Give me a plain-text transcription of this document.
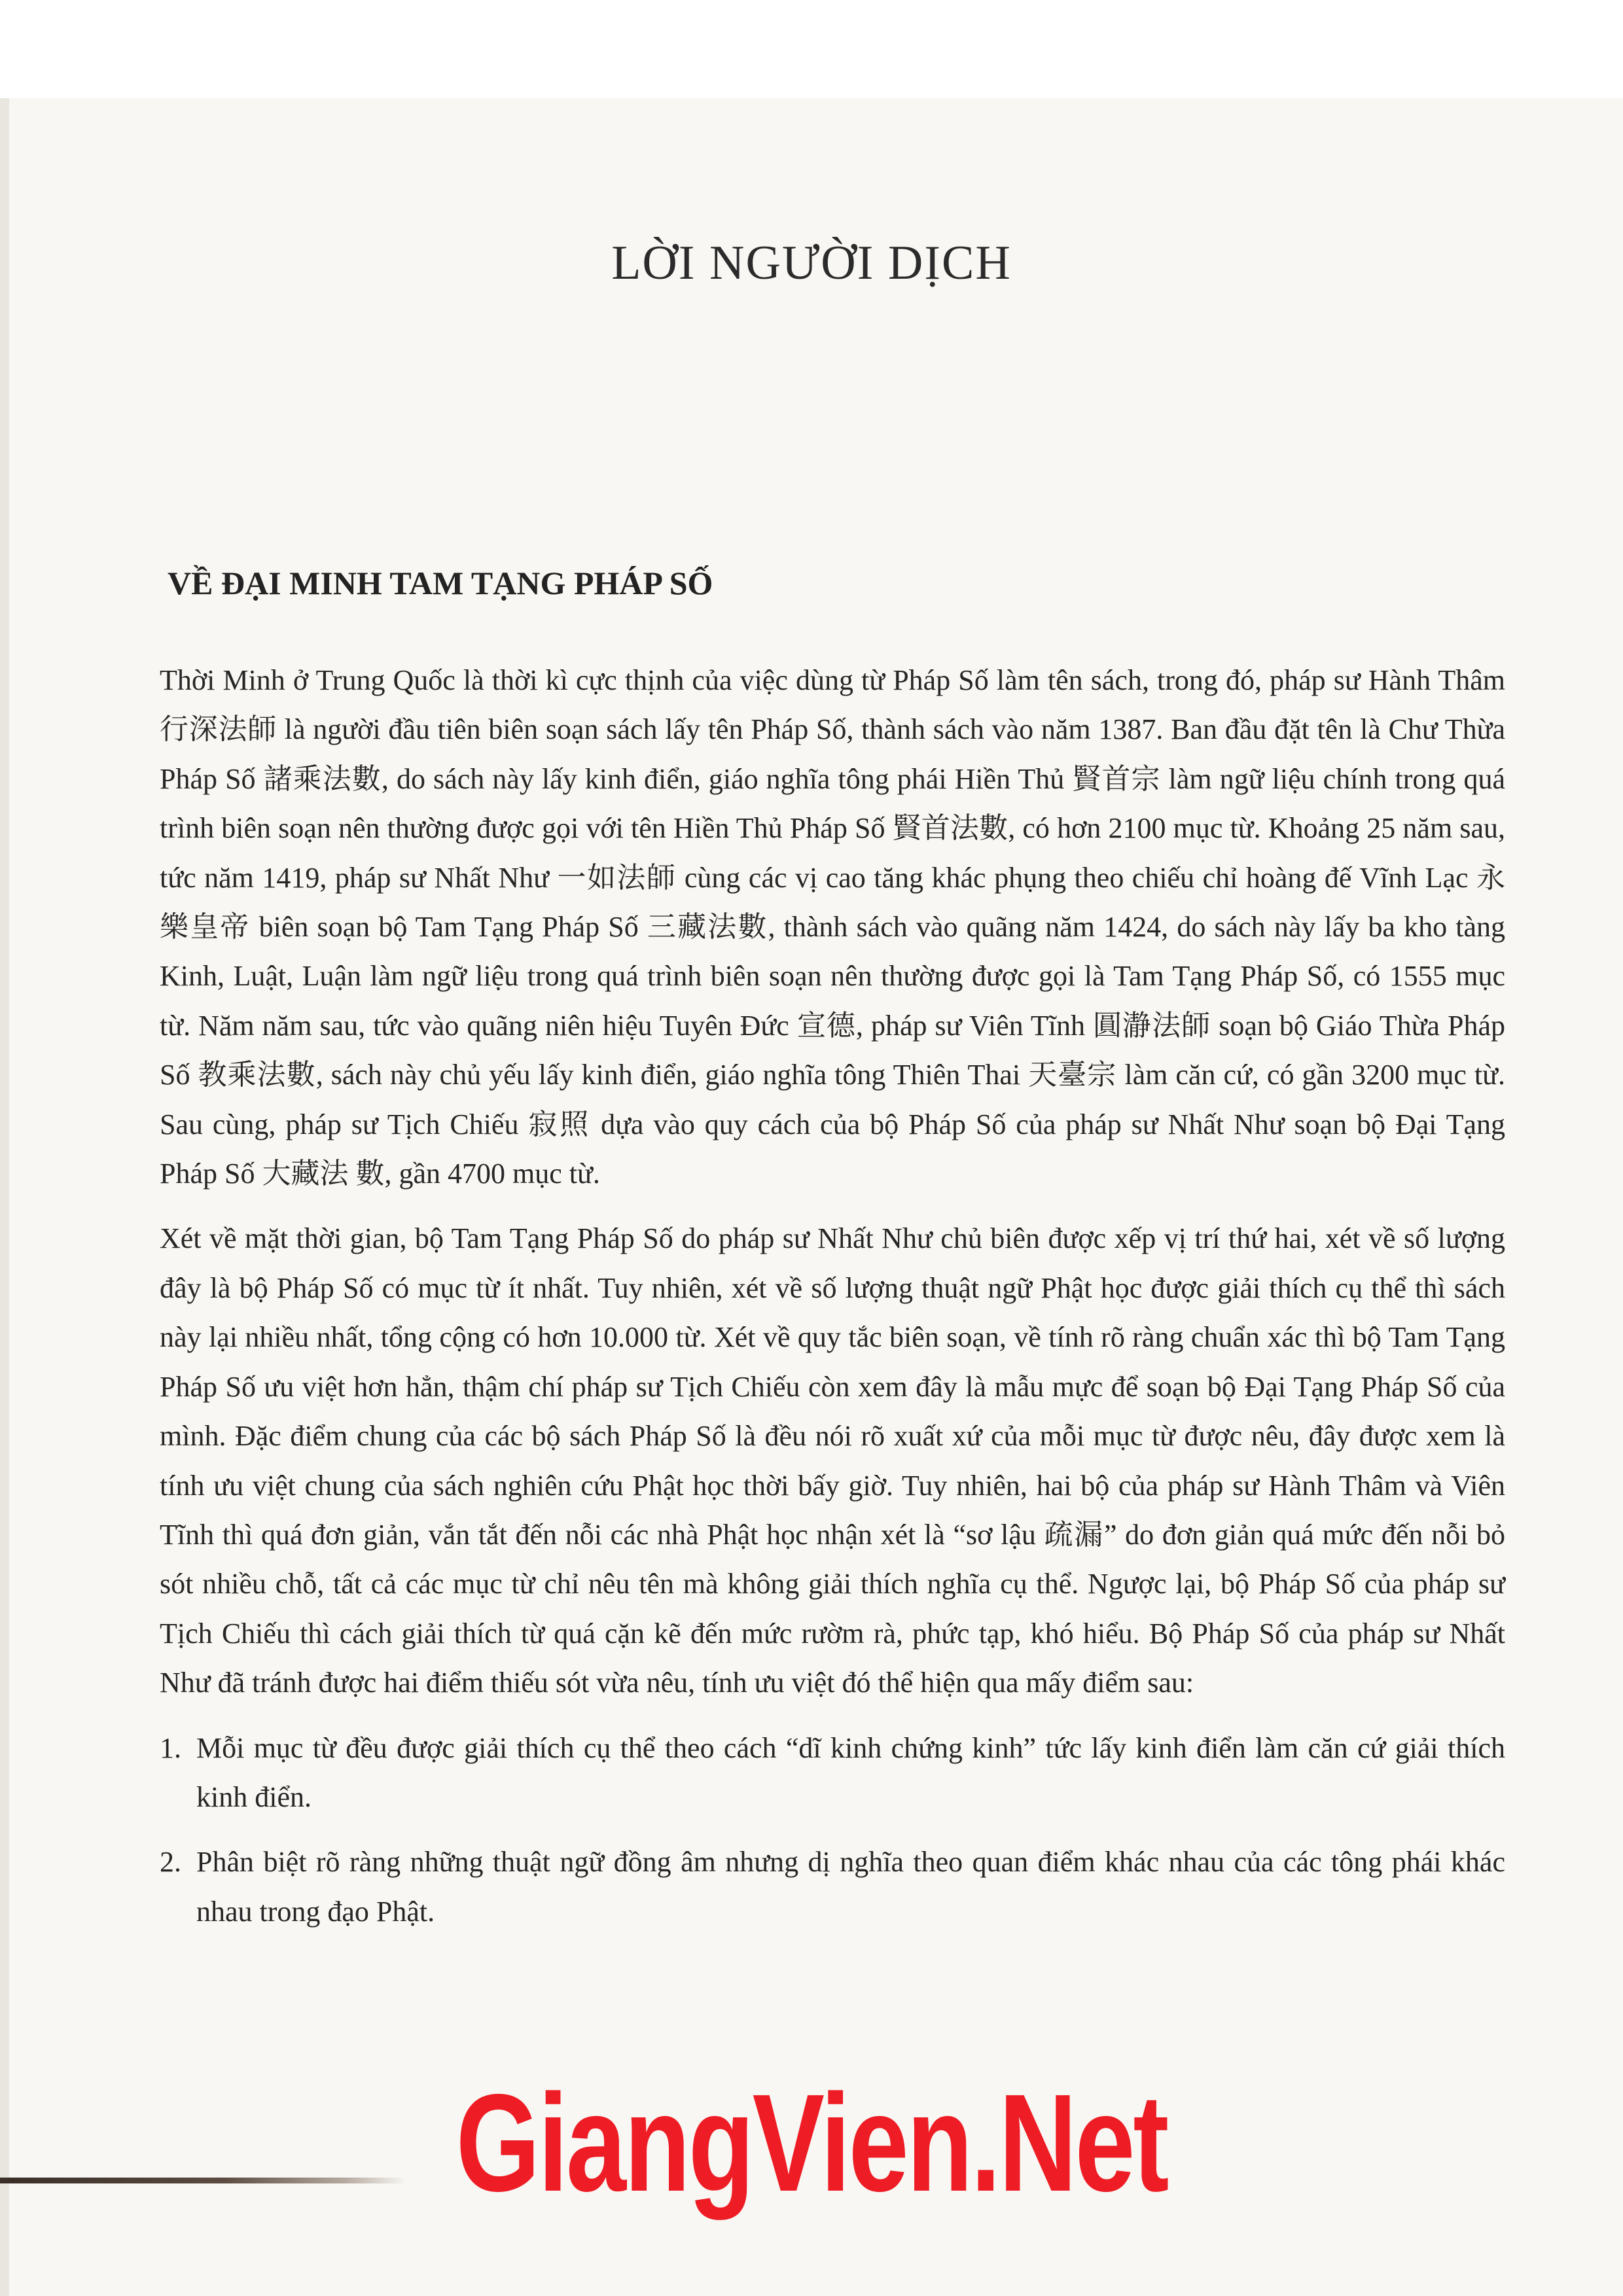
LỜI NGƯỜI DỊCH
VỀ ĐẠI MINH TAM TẠNG PHÁP SỐ

Thời Minh ở Trung Quốc là thời kì cực thịnh của việc dùng từ Pháp Số làm tên sách, trong đó, pháp sư Hành Thâm 行深法師 là người đầu tiên biên soạn sách lấy tên Pháp Số, thành sách vào năm 1387. Ban đầu đặt tên là Chư Thừa Pháp Số 諸乘法數, do sách này lấy kinh điển, giáo nghĩa tông phái Hiền Thủ 賢首宗 làm ngữ liệu chính trong quá trình biên soạn nên thường được gọi với tên Hiền Thủ Pháp Số 賢首法數, có hơn 2100 mục từ. Khoảng 25 năm sau, tức năm 1419, pháp sư Nhất Như 一如法師 cùng các vị cao tăng khác phụng theo chiếu chỉ hoàng đế Vĩnh Lạc 永樂皇帝 biên soạn bộ Tam Tạng Pháp Số 三藏法數, thành sách vào quãng năm 1424, do sách này lấy ba kho tàng Kinh, Luật, Luận làm ngữ liệu trong quá trình biên soạn nên thường được gọi là Tam Tạng Pháp Số, có 1555 mục từ. Năm năm sau, tức vào quãng niên hiệu Tuyên Đức 宣德, pháp sư Viên Tĩnh 圓瀞法師 soạn bộ Giáo Thừa Pháp Số 教乘法數, sách này chủ yếu lấy kinh điển, giáo nghĩa tông Thiên Thai 天臺宗 làm căn cứ, có gần 3200 mục từ. Sau cùng, pháp sư Tịch Chiếu 寂照 dựa vào quy cách của bộ Pháp Số của pháp sư Nhất Như soạn bộ Đại Tạng Pháp Số 大藏法 數, gần 4700 mục từ.

Xét về mặt thời gian, bộ Tam Tạng Pháp Số do pháp sư Nhất Như chủ biên được xếp vị trí thứ hai, xét về số lượng đây là bộ Pháp Số có mục từ ít nhất. Tuy nhiên, xét về số lượng thuật ngữ Phật học được giải thích cụ thể thì sách này lại nhiều nhất, tổng cộng có hơn 10.000 từ. Xét về quy tắc biên soạn, về tính rõ ràng chuẩn xác thì bộ Tam Tạng Pháp Số ưu việt hơn hẳn, thậm chí pháp sư Tịch Chiếu còn xem đây là mẫu mực để soạn bộ Đại Tạng Pháp Số của mình. Đặc điểm chung của các bộ sách Pháp Số là đều nói rõ xuất xứ của mỗi mục từ được nêu, đây được xem là tính ưu việt chung của sách nghiên cứu Phật học thời bấy giờ. Tuy nhiên, hai bộ của pháp sư Hành Thâm và Viên Tĩnh thì quá đơn giản, vắn tắt đến nỗi các nhà Phật học nhận xét là “sơ lậu 疏漏” do đơn giản quá mức đến nỗi bỏ sót nhiều chỗ, tất cả các mục từ chỉ nêu tên mà không giải thích nghĩa cụ thể. Ngược lại, bộ Pháp Số của pháp sư Tịch Chiếu thì cách giải thích từ quá cặn kẽ đến mức rườm rà, phức tạp, khó hiểu. Bộ Pháp Số của pháp sư Nhất Như đã tránh được hai điểm thiếu sót vừa nêu, tính ưu việt đó thể hiện qua mấy điểm sau:

1. Mỗi mục từ đều được giải thích cụ thể theo cách “dĩ kinh chứng kinh” tức lấy kinh điển làm căn cứ giải thích kinh điển.
2. Phân biệt rõ ràng những thuật ngữ đồng âm nhưng dị nghĩa theo quan điểm khác nhau của các tông phái khác nhau trong đạo Phật.
GiangVien.Net
